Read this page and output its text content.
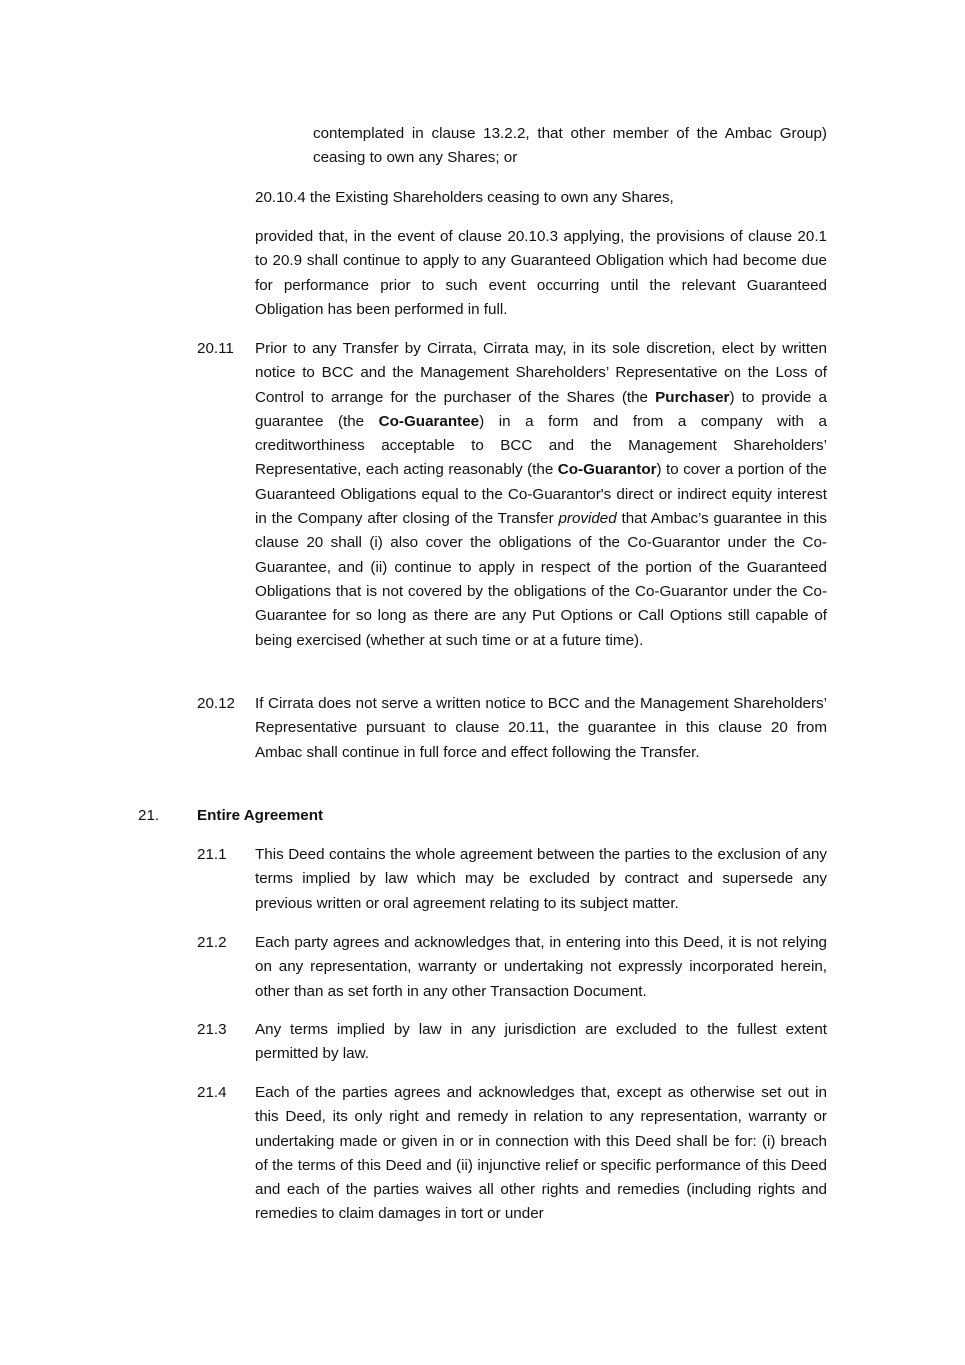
contemplated in clause 13.2.2, that other member of the Ambac Group) ceasing to own any Shares; or

20.10.4 the Existing Shareholders ceasing to own any Shares,

provided that, in the event of clause 20.10.3 applying, the provisions of clause 20.1 to 20.9 shall continue to apply to any Guaranteed Obligation which had become due for performance prior to such event occurring until the relevant Guaranteed Obligation has been performed in full.

20.11 Prior to any Transfer by Cirrata, Cirrata may, in its sole discretion, elect by written notice to BCC and the Management Shareholders’ Representative on the Loss of Control to arrange for the purchaser of the Shares (the Purchaser) to provide a guarantee (the Co-Guarantee) in a form and from a company with a creditworthiness acceptable to BCC and the Management Shareholders’ Representative, each acting reasonably (the Co-Guarantor) to cover a portion of the Guaranteed Obligations equal to the Co-Guarantor's direct or indirect equity interest in the Company after closing of the Transfer provided that Ambac’s guarantee in this clause 20 shall (i) also cover the obligations of the Co-Guarantor under the Co-Guarantee, and (ii) continue to apply in respect of the portion of the Guaranteed Obligations that is not covered by the obligations of the Co-Guarantor under the Co-Guarantee for so long as there are any Put Options or Call Options still capable of being exercised (whether at such time or at a future time).

20.12 If Cirrata does not serve a written notice to BCC and the Management Shareholders’ Representative pursuant to clause 20.11, the guarantee in this clause 20 from Ambac shall continue in full force and effect following the Transfer.

21. Entire Agreement
21.1 This Deed contains the whole agreement between the parties to the exclusion of any terms implied by law which may be excluded by contract and supersede any previous written or oral agreement relating to its subject matter.

21.2 Each party agrees and acknowledges that, in entering into this Deed, it is not relying on any representation, warranty or undertaking not expressly incorporated herein, other than as set forth in any other Transaction Document.

21.3 Any terms implied by law in any jurisdiction are excluded to the fullest extent permitted by law.

21.4 Each of the parties agrees and acknowledges that, except as otherwise set out in this Deed, its only right and remedy in relation to any representation, warranty or undertaking made or given in or in connection with this Deed shall be for: (i) breach of the terms of this Deed and (ii) injunctive relief or specific performance of this Deed and each of the parties waives all other rights and remedies (including rights and remedies to claim damages in tort or under
